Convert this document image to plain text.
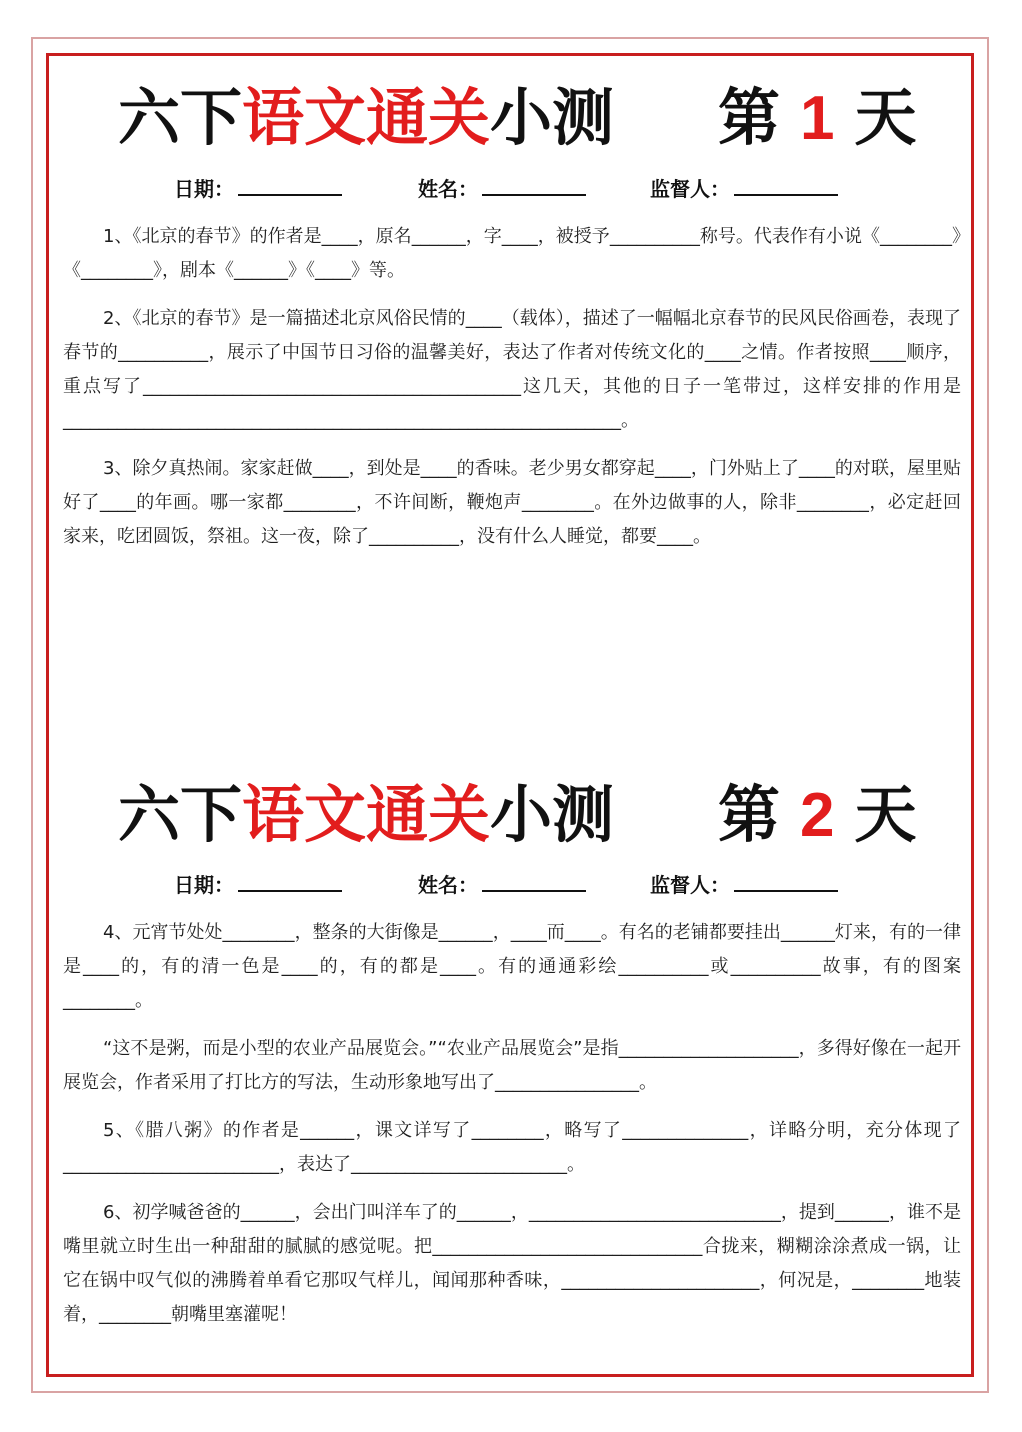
六下语文通关小测 第 1 天
日期：	姓名：	监督人：

1、《北京的春节》的作者是____，原名______，字____，被授予__________称号。代表作有小说《________》《________》，剧本《______》《____》等。

2、《北京的春节》是一篇描述北京风俗民情的____（载体），描述了一幅幅北京春节的民风民俗画卷，表现了春节的__________，展示了中国节日习俗的温馨美好，表达了作者对传统文化的____之情。作者按照____顺序，重点写了__________________________________________这几天，其他的日子一笔带过，这样安排的作用是______________________________________________________________。

3、除夕真热闹。家家赶做____，到处是____的香味。老少男女都穿起____，门外贴上了____的对联，屋里贴好了____的年画。哪一家都________，不许间断，鞭炮声________。在外边做事的人，除非________，必定赶回家来，吃团圆饭，祭祖。这一夜，除了__________，没有什么人睡觉，都要____。

六下语文通关小测 第 2 天
日期：	姓名：	监督人：

4、元宵节处处________，整条的大街像是______，____而____。有名的老铺都要挂出______灯来，有的一律是____的，有的清一色是____的，有的都是____。有的通通彩绘__________或__________故事，有的图案________。

“这不是粥，而是小型的农业产品展览会。”“农业产品展览会”是指____________________，多得好像在一起开展览会，作者采用了打比方的写法，生动形象地写出了________________。

5、《腊八粥》的作者是______，课文详写了________，略写了______________，详略分明，充分体现了________________________，表达了________________________。

6、初学喊爸爸的______，会出门叫洋车了的______，____________________________，提到______，谁不是嘴里就立时生出一种甜甜的腻腻的感觉呢。把______________________________合拢来，糊糊涂涂煮成一锅，让它在锅中叹气似的沸腾着单看它那叹气样儿，闻闻那种香味，______________________，何况是，________地装着，________朝嘴里塞灌呢！
